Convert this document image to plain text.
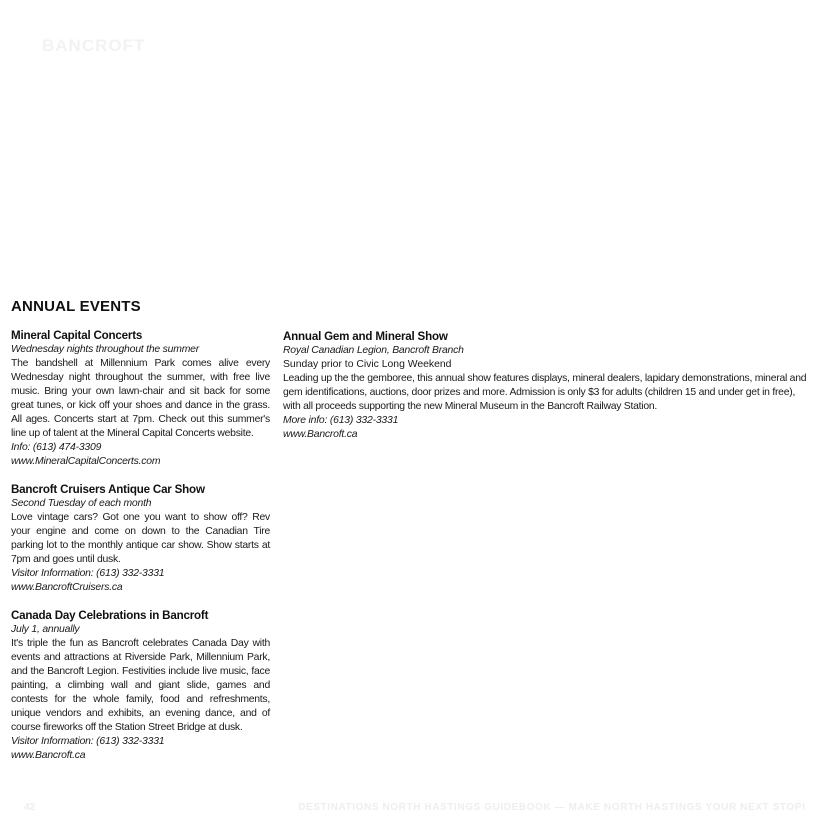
BANCROFT
ANNUAL EVENTS
Mineral Capital Concerts
Wednesday nights throughout the summer
The bandshell at Millennium Park comes alive every Wednesday night throughout the summer, with free live music. Bring your own lawn-chair and sit back for some great tunes, or kick off your shoes and dance in the grass. All ages. Concerts start at 7pm. Check out this summer's line up of talent at the Mineral Capital Concerts website.
Info: (613) 474-3309
www.MineralCapitalConcerts.com
Bancroft Cruisers Antique Car Show
Second Tuesday of each month
Love vintage cars? Got one you want to show off? Rev your engine and come on down to the Canadian Tire parking lot to the monthly antique car show. Show starts at 7pm and goes until dusk.
Visitor Information: (613) 332-3331
www.BancroftCruisers.ca
Canada Day Celebrations in Bancroft
July 1, annually
It's triple the fun as Bancroft celebrates Canada Day with events and attractions at Riverside Park, Millennium Park, and the Bancroft Legion. Festivities include live music, face painting, a climbing wall and giant slide, games and contests for the whole family, food and refreshments, unique vendors and exhibits, an evening dance, and of course fireworks off the Station Street Bridge at dusk.
Visitor Information: (613) 332-3331
www.Bancroft.ca
Annual Gem and Mineral Show
Royal Canadian Legion, Bancroft Branch
Sunday prior to Civic Long Weekend
Leading up the the gemboree, this annual show features displays, mineral dealers, lapidary demonstrations, mineral and gem identifications, auctions, door prizes and more. Admission is only $3 for adults (children 15 and under get in free), with all proceeds supporting the new Mineral Museum in the Bancroft Railway Station.
More info: (613) 332-3331
www.Bancroft.ca
42	DESTINATIONS NORTH HASTINGS GUIDEBOOK — MAKE NORTH HASTINGS YOUR NEXT STOP!
